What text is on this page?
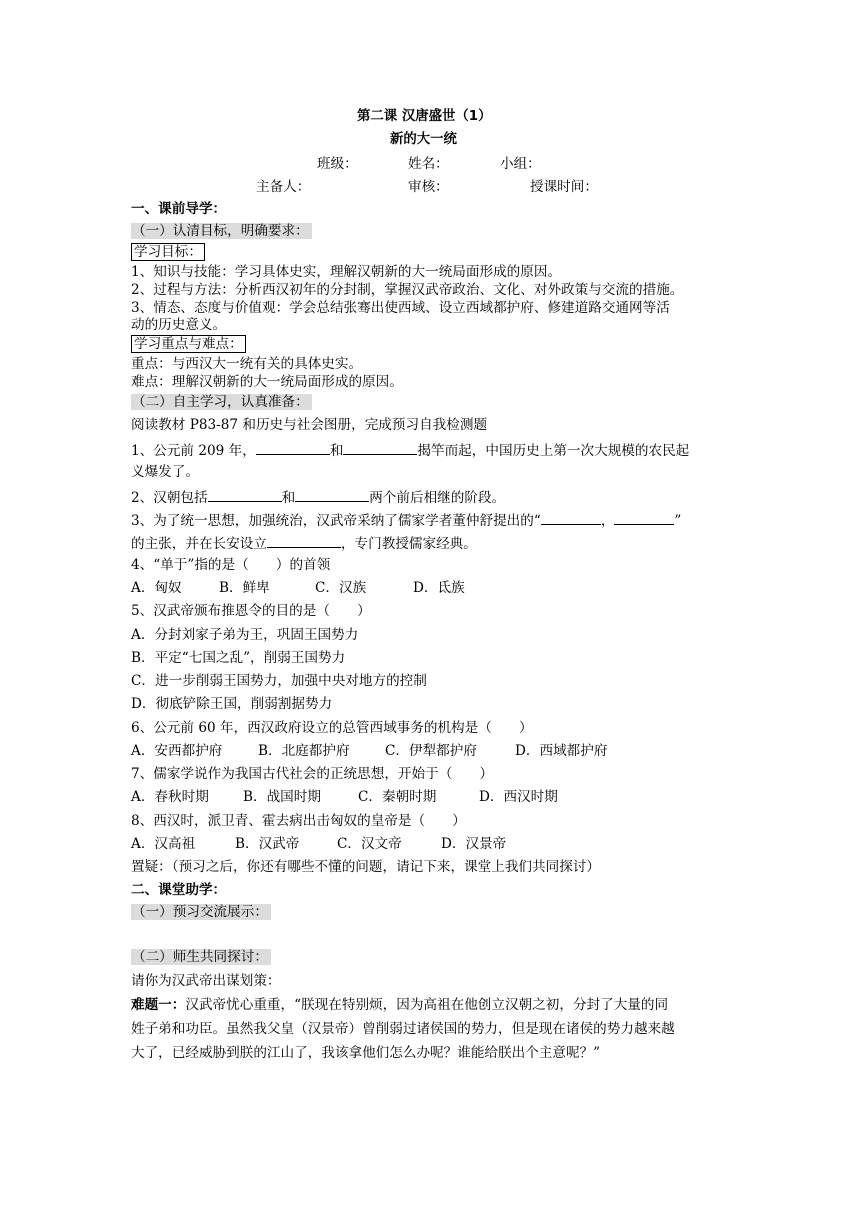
第二课 汉唐盛世（1）
新的大一统
班级：	姓名：	小组：
主备人：	审核：	授课时间：
一、课前导学：
（一）认清目标，明确要求：
学习目标：
1、知识与技能：学习具体史实，理解汉朝新的大一统局面形成的原因。
2、过程与方法：分析西汉初年的分封制，掌握汉武帝政治、文化、对外政策与交流的措施。
3、情态、态度与价值观：学会总结张骞出使西域、设立西域都护府、修建道路交通网等活
动的历史意义。
学习重点与难点：
重点：与西汉大一统有关的具体史实。
难点：理解汉朝新的大一统局面形成的原因。
（二）自主学习，认真准备：
阅读教材 P83-87 和历史与社会图册，完成预习自我检测题
1、公元前 209 年，	和	揭竿而起，中国历史上第一次大规模的农民起
义爆发了。
2、汉朝包括	和	两个前后相继的阶段。
3、为了统一思想，加强统治，汉武帝采纳了儒家学者董仲舒提出的“	，	”
的主张，并在长安设立	，专门教授儒家经典。
4、“单于”指的是（　　）的首领
A．匈奴	B．鲜卑	C．汉族	D．氐族
5、汉武帝颁布推恩令的目的是（　　）
A．分封刘家子弟为王，巩固王国势力
B．平定“七国之乱”，削弱王国势力
C．进一步削弱王国势力，加强中央对地方的控制
D．彻底铲除王国，削弱割据势力
6、公元前 60 年，西汉政府设立的总管西域事务的机构是（　　）
A．安西都护府	B．北庭都护府	C．伊犁都护府	D．西域都护府
7、儒家学说作为我国古代社会的正统思想，开始于（　　）
A．春秋时期	B．战国时期	C．秦朝时期	D．西汉时期
8、西汉时，派卫青、霍去病出击匈奴的皇帝是（　　）
A．汉高祖	B．汉武帝	C．汉文帝	D．汉景帝
置疑：（预习之后，你还有哪些不懂的问题，请记下来，课堂上我们共同探讨）
二、课堂助学：
（一）预习交流展示：
（二）师生共同探讨：
请你为汉武帝出谋划策：
难题一：汉武帝忧心重重，“朕现在特别烦，因为高祖在他创立汉朝之初，分封了大量的同
姓子弟和功臣。虽然我父皇（汉景帝）曾削弱过诸侯国的势力，但是现在诸侯的势力越来越
大了，已经威胁到朕的江山了，我该拿他们怎么办呢？谁能给朕出个主意呢？”
